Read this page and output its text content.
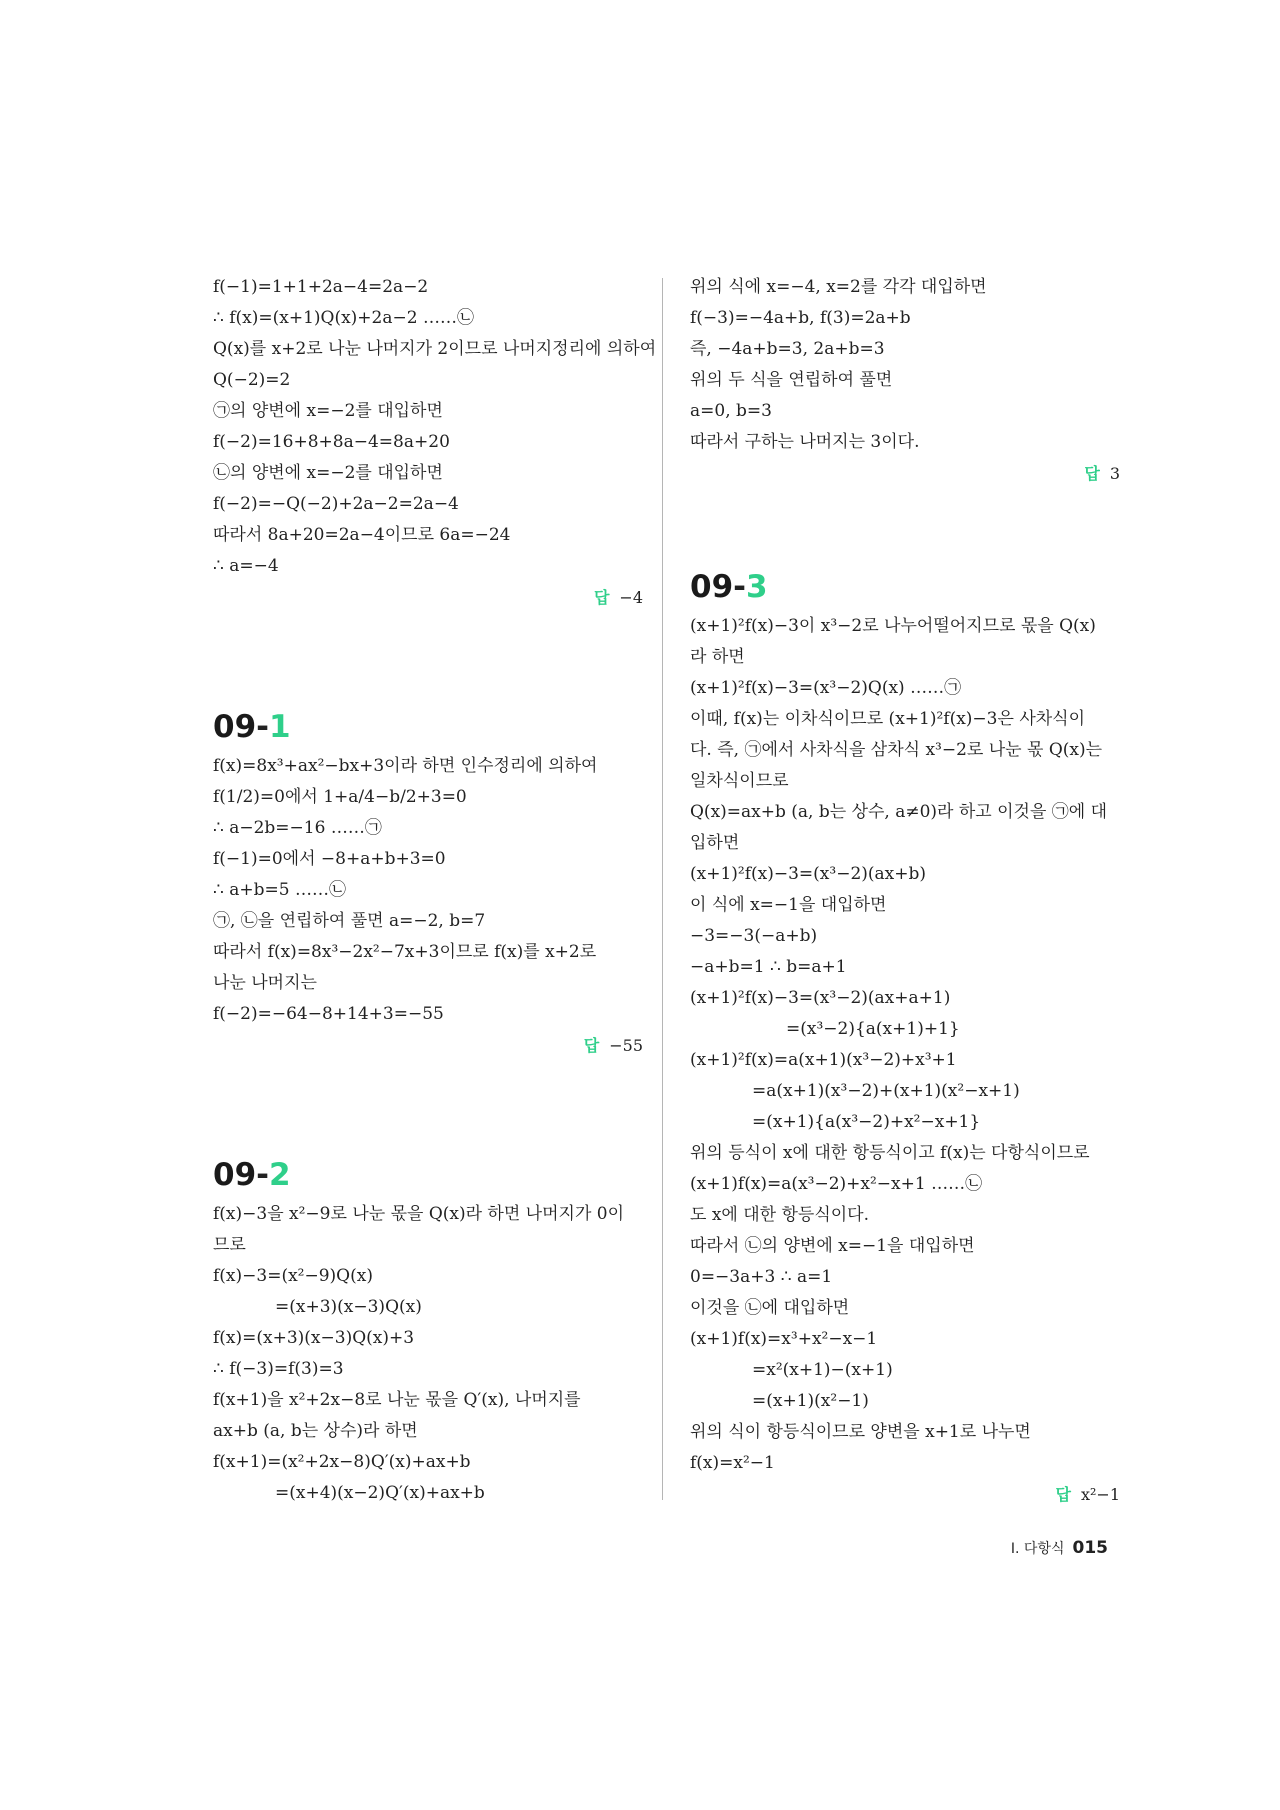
f(−1)=1+1+2a−4=2a−2
∴ f(x)=(x+1)Q(x)+2a−2 ……㉡
Q(x)를 x+2로 나눈 나머지가 2이므로 나머지정리에 의하여
Q(−2)=2
㉠의 양변에 x=−2를 대입하면
f(−2)=16+8+8a−4=8a+20
㉡의 양변에 x=−2를 대입하면
f(−2)=−Q(−2)+2a−2=2a−4
따라서 8a+20=2a−4이므로 6a=−24
∴ a=−4
답 −4
09-1
f(x)=8x³+ax²−bx+3이라 하면 인수정리에 의하여
f(1/2)=0에서 1+a/4−b/2+3=0
∴ a−2b=−16 ……㉠
f(−1)=0에서 −8+a+b+3=0
∴ a+b=5 ……㉡
㉠, ㉡을 연립하여 풀면 a=−2, b=7
따라서 f(x)=8x³−2x²−7x+3이므로 f(x)를 x+2로
나눈 나머지는
f(−2)=−64−8+14+3=−55
답 −55
09-2
f(x)−3을 x²−9로 나눈 몫을 Q(x)라 하면 나머지가 0이
므로
f(x)−3=(x²−9)Q(x)
=(x+3)(x−3)Q(x)
f(x)=(x+3)(x−3)Q(x)+3
∴ f(−3)=f(3)=3
f(x+1)을 x²+2x−8로 나눈 몫을 Q′(x), 나머지를
ax+b (a, b는 상수)라 하면
f(x+1)=(x²+2x−8)Q′(x)+ax+b
=(x+4)(x−2)Q′(x)+ax+b
위의 식에 x=−4, x=2를 각각 대입하면
f(−3)=−4a+b, f(3)=2a+b
즉, −4a+b=3, 2a+b=3
위의 두 식을 연립하여 풀면
a=0, b=3
따라서 구하는 나머지는 3이다.
답 3
09-3
(x+1)²f(x)−3이 x³−2로 나누어떨어지므로 몫을 Q(x)
라 하면
(x+1)²f(x)−3=(x³−2)Q(x) ……㉠
이때, f(x)는 이차식이므로 (x+1)²f(x)−3은 사차식이
다. 즉, ㉠에서 사차식을 삼차식 x³−2로 나눈 몫 Q(x)는
일차식이므로
Q(x)=ax+b (a, b는 상수, a≠0)라 하고 이것을 ㉠에 대
입하면
(x+1)²f(x)−3=(x³−2)(ax+b)
이 식에 x=−1을 대입하면
−3=−3(−a+b)
−a+b=1 ∴ b=a+1
(x+1)²f(x)−3=(x³−2)(ax+a+1)
=(x³−2){a(x+1)+1}
(x+1)²f(x)=a(x+1)(x³−2)+x³+1
=a(x+1)(x³−2)+(x+1)(x²−x+1)
=(x+1){a(x³−2)+x²−x+1}
위의 등식이 x에 대한 항등식이고 f(x)는 다항식이므로
(x+1)f(x)=a(x³−2)+x²−x+1 ……㉡
도 x에 대한 항등식이다.
따라서 ㉡의 양변에 x=−1을 대입하면
0=−3a+3 ∴ a=1
이것을 ㉡에 대입하면
(x+1)f(x)=x³+x²−x−1
=x²(x+1)−(x+1)
=(x+1)(x²−1)
위의 식이 항등식이므로 양변을 x+1로 나누면
f(x)=x²−1
답 x²−1
I. 다항식 015
